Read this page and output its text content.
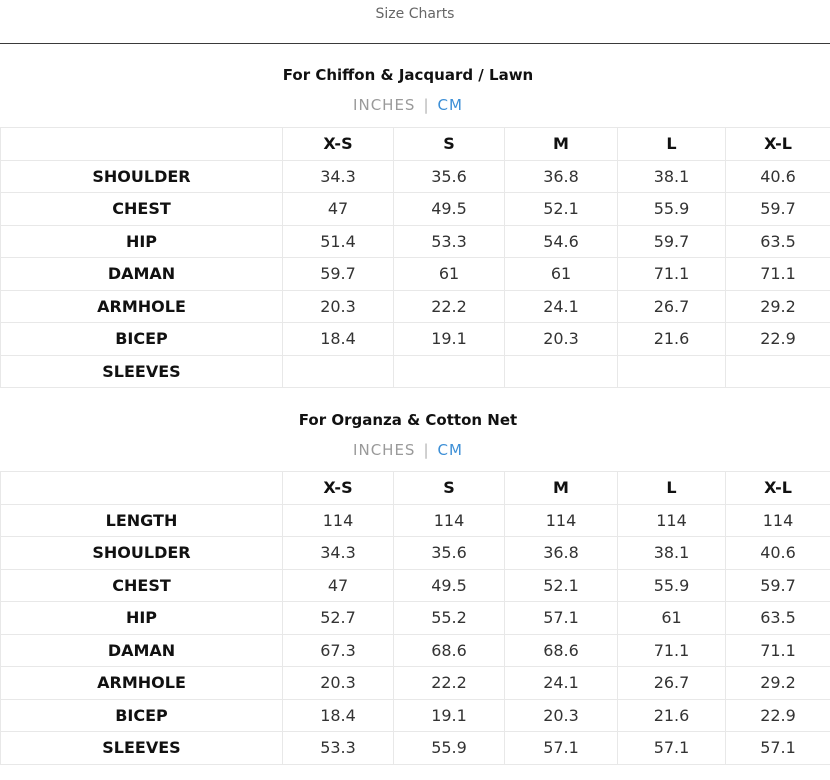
Size Charts
For Chiffon & Jacquard / Lawn
INCHES | CM
	X-S	S	M	L	X-L
SHOULDER	34.3	35.6	36.8	38.1	40.6
CHEST	47	49.5	52.1	55.9	59.7
HIP	51.4	53.3	54.6	59.7	63.5
DAMAN	59.7	61	61	71.1	71.1
ARMHOLE	20.3	22.2	24.1	26.7	29.2
BICEP	18.4	19.1	20.3	21.6	22.9
SLEEVES					
For Organza & Cotton Net
INCHES | CM
	X-S	S	M	L	X-L
LENGTH	114	114	114	114	114
SHOULDER	34.3	35.6	36.8	38.1	40.6
CHEST	47	49.5	52.1	55.9	59.7
HIP	52.7	55.2	57.1	61	63.5
DAMAN	67.3	68.6	68.6	71.1	71.1
ARMHOLE	20.3	22.2	24.1	26.7	29.2
BICEP	18.4	19.1	20.3	21.6	22.9
SLEEVES	53.3	55.9	57.1	57.1	57.1
